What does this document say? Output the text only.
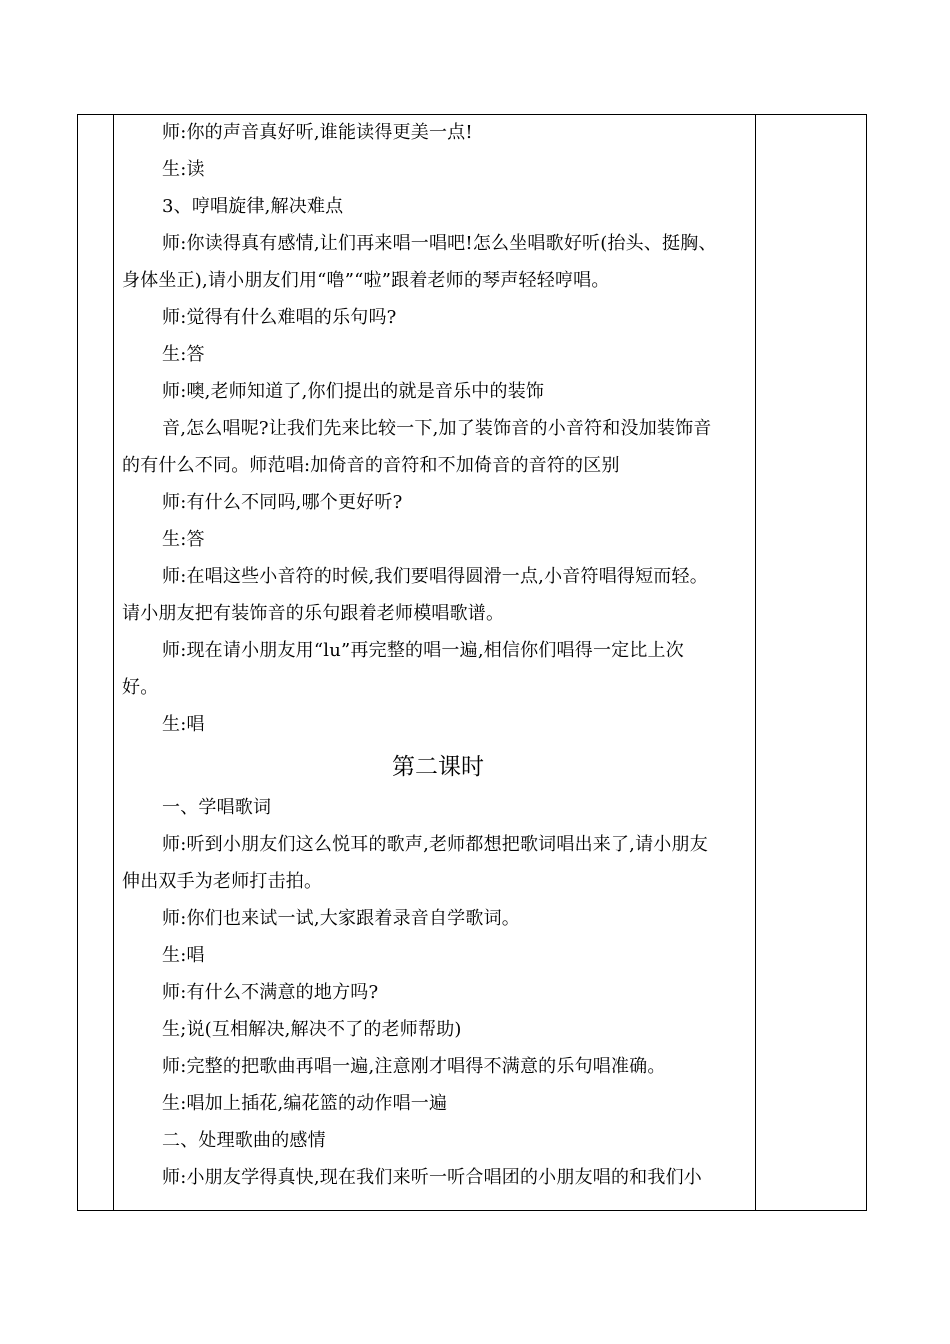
师:你的声音真好听,谁能读得更美一点!
生:读
3、哼唱旋律,解决难点
师:你读得真有感情,让们再来唱一唱吧!怎么坐唱歌好听(抬头、挺胸、
身体坐正),请小朋友们用“噜”“啦”跟着老师的琴声轻轻哼唱。
师:觉得有什么难唱的乐句吗?
生:答
师:噢,老师知道了,你们提出的就是音乐中的装饰
音,怎么唱呢?让我们先来比较一下,加了装饰音的小音符和没加装饰音
的有什么不同。师范唱:加倚音的音符和不加倚音的音符的区别
师:有什么不同吗,哪个更好听?
生:答
师:在唱这些小音符的时候,我们要唱得圆滑一点,小音符唱得短而轻。
请小朋友把有装饰音的乐句跟着老师模唱歌谱。
师:现在请小朋友用“lu”再完整的唱一遍,相信你们唱得一定比上次
好。
生:唱
第二课时
一、学唱歌词
师:听到小朋友们这么悦耳的歌声,老师都想把歌词唱出来了,请小朋友
伸出双手为老师打击拍。
师:你们也来试一试,大家跟着录音自学歌词。
生:唱
师:有什么不满意的地方吗?
生;说(互相解决,解决不了的老师帮助)
师:完整的把歌曲再唱一遍,注意刚才唱得不满意的乐句唱准确。
生:唱加上插花,编花篮的动作唱一遍
二、处理歌曲的感情
师:小朋友学得真快,现在我们来听一听合唱团的小朋友唱的和我们小
